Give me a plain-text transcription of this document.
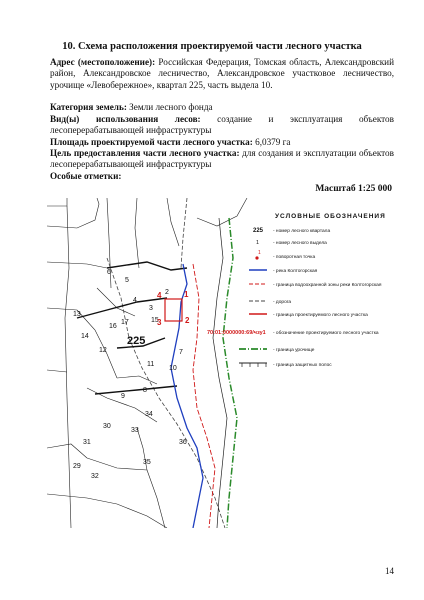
10. Схема расположения проектируемой части лесного участка
Адрес (местоположение): Российская Федерация, Томская область, Александровский район, Александровское лесничество, Александровское участковое лесничество, урочище «Левобережное», квартал 225, часть выдела 10.
Категория земель: Земли лесного фонда
Вид(ы) использования лесов: создание и эксплуатация объектов лесоперерабатывающей инфраструктуры
Площадь проектируемой части лесного участка: 6,0379 га
Цель предоставления части лесного участка: для создания и эксплуатации объектов лесоперерабатывающей инфраструктуры
Особые отметки:
Масштаб 1:25 000
6
5
4
3
2
13
17
12
11
10
7
8
9
34
33
35
36
30
31
32
29
15
16
14	225
1
2
3
4
УСЛОВНЫЕ ОБОЗНАЧЕНИЯ
225 - номер лесного квартала
1	- номер лесного выдела
1
- поворотная точка
- река Колтогорская
- граница водоохранной зоны реки Колтогорская
- дорога
- граница проектируемого лесного участка
70:01:0000000:69/чзу1 - обозначение проектируемого лесного участка
- граница урочище
- граница защитных полос
14
